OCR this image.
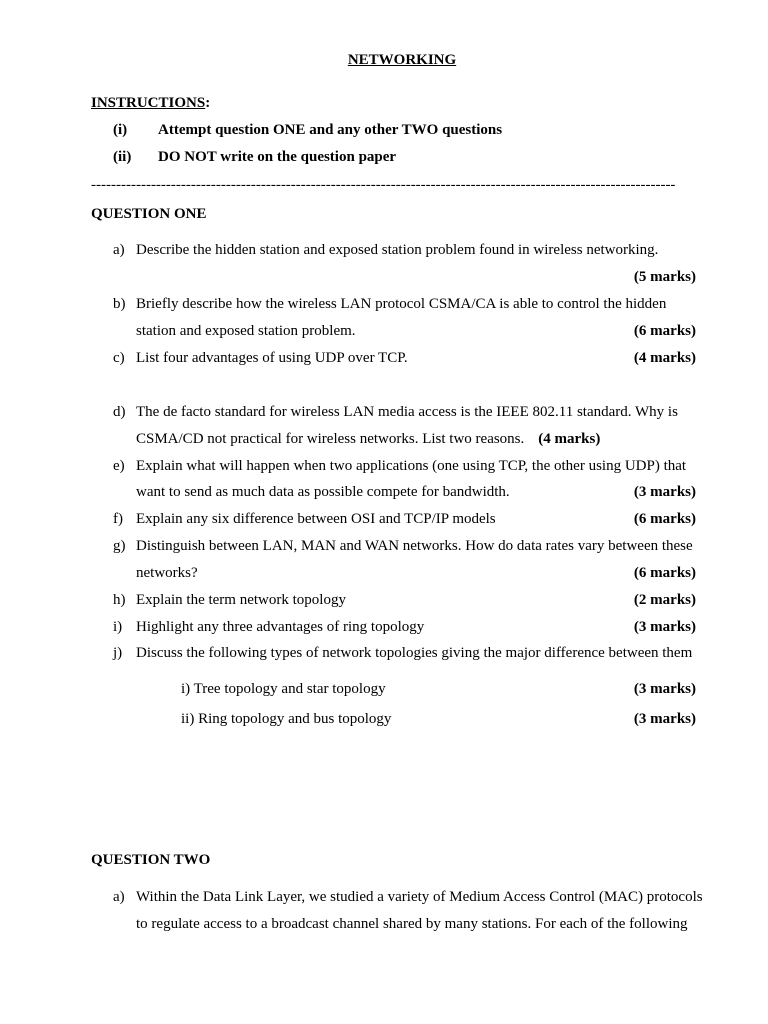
NETWORKING
INSTRUCTIONS:
(i) Attempt question ONE and any other TWO questions
(ii) DO NOT write on the question paper
---------------------------------------------------------------------------------------------------------------------
QUESTION ONE
a) Describe the hidden station and exposed station problem found in wireless networking.
(5 marks)
b) Briefly describe how the wireless LAN protocol CSMA/CA is able to control the hidden
station and exposed station problem.	(6 marks)
c) List four advantages of using UDP over TCP.	(4 marks)
d) The de facto standard for wireless LAN media access is the IEEE 802.11 standard. Why is
CSMA/CD not practical for wireless networks. List two reasons. (4 marks)
e) Explain what will happen when two applications (one using TCP, the other using UDP) that
want to send as much data as possible compete for bandwidth.	(3 marks)
f) Explain any six difference between OSI and TCP/IP models	(6 marks)
g) Distinguish between LAN, MAN and WAN networks. How do data rates vary between these
networks?	(6 marks)
h) Explain the term network topology	(2 marks)
i) Highlight any three advantages of ring topology	(3 marks)
j) Discuss the following types of network topologies giving the major difference between them
i) Tree topology and star topology	(3 marks)
ii) Ring topology and bus topology	(3 marks)
QUESTION TWO
a) Within the Data Link Layer, we studied a variety of Medium Access Control (MAC) protocols
to regulate access to a broadcast channel shared by many stations. For each of the following
